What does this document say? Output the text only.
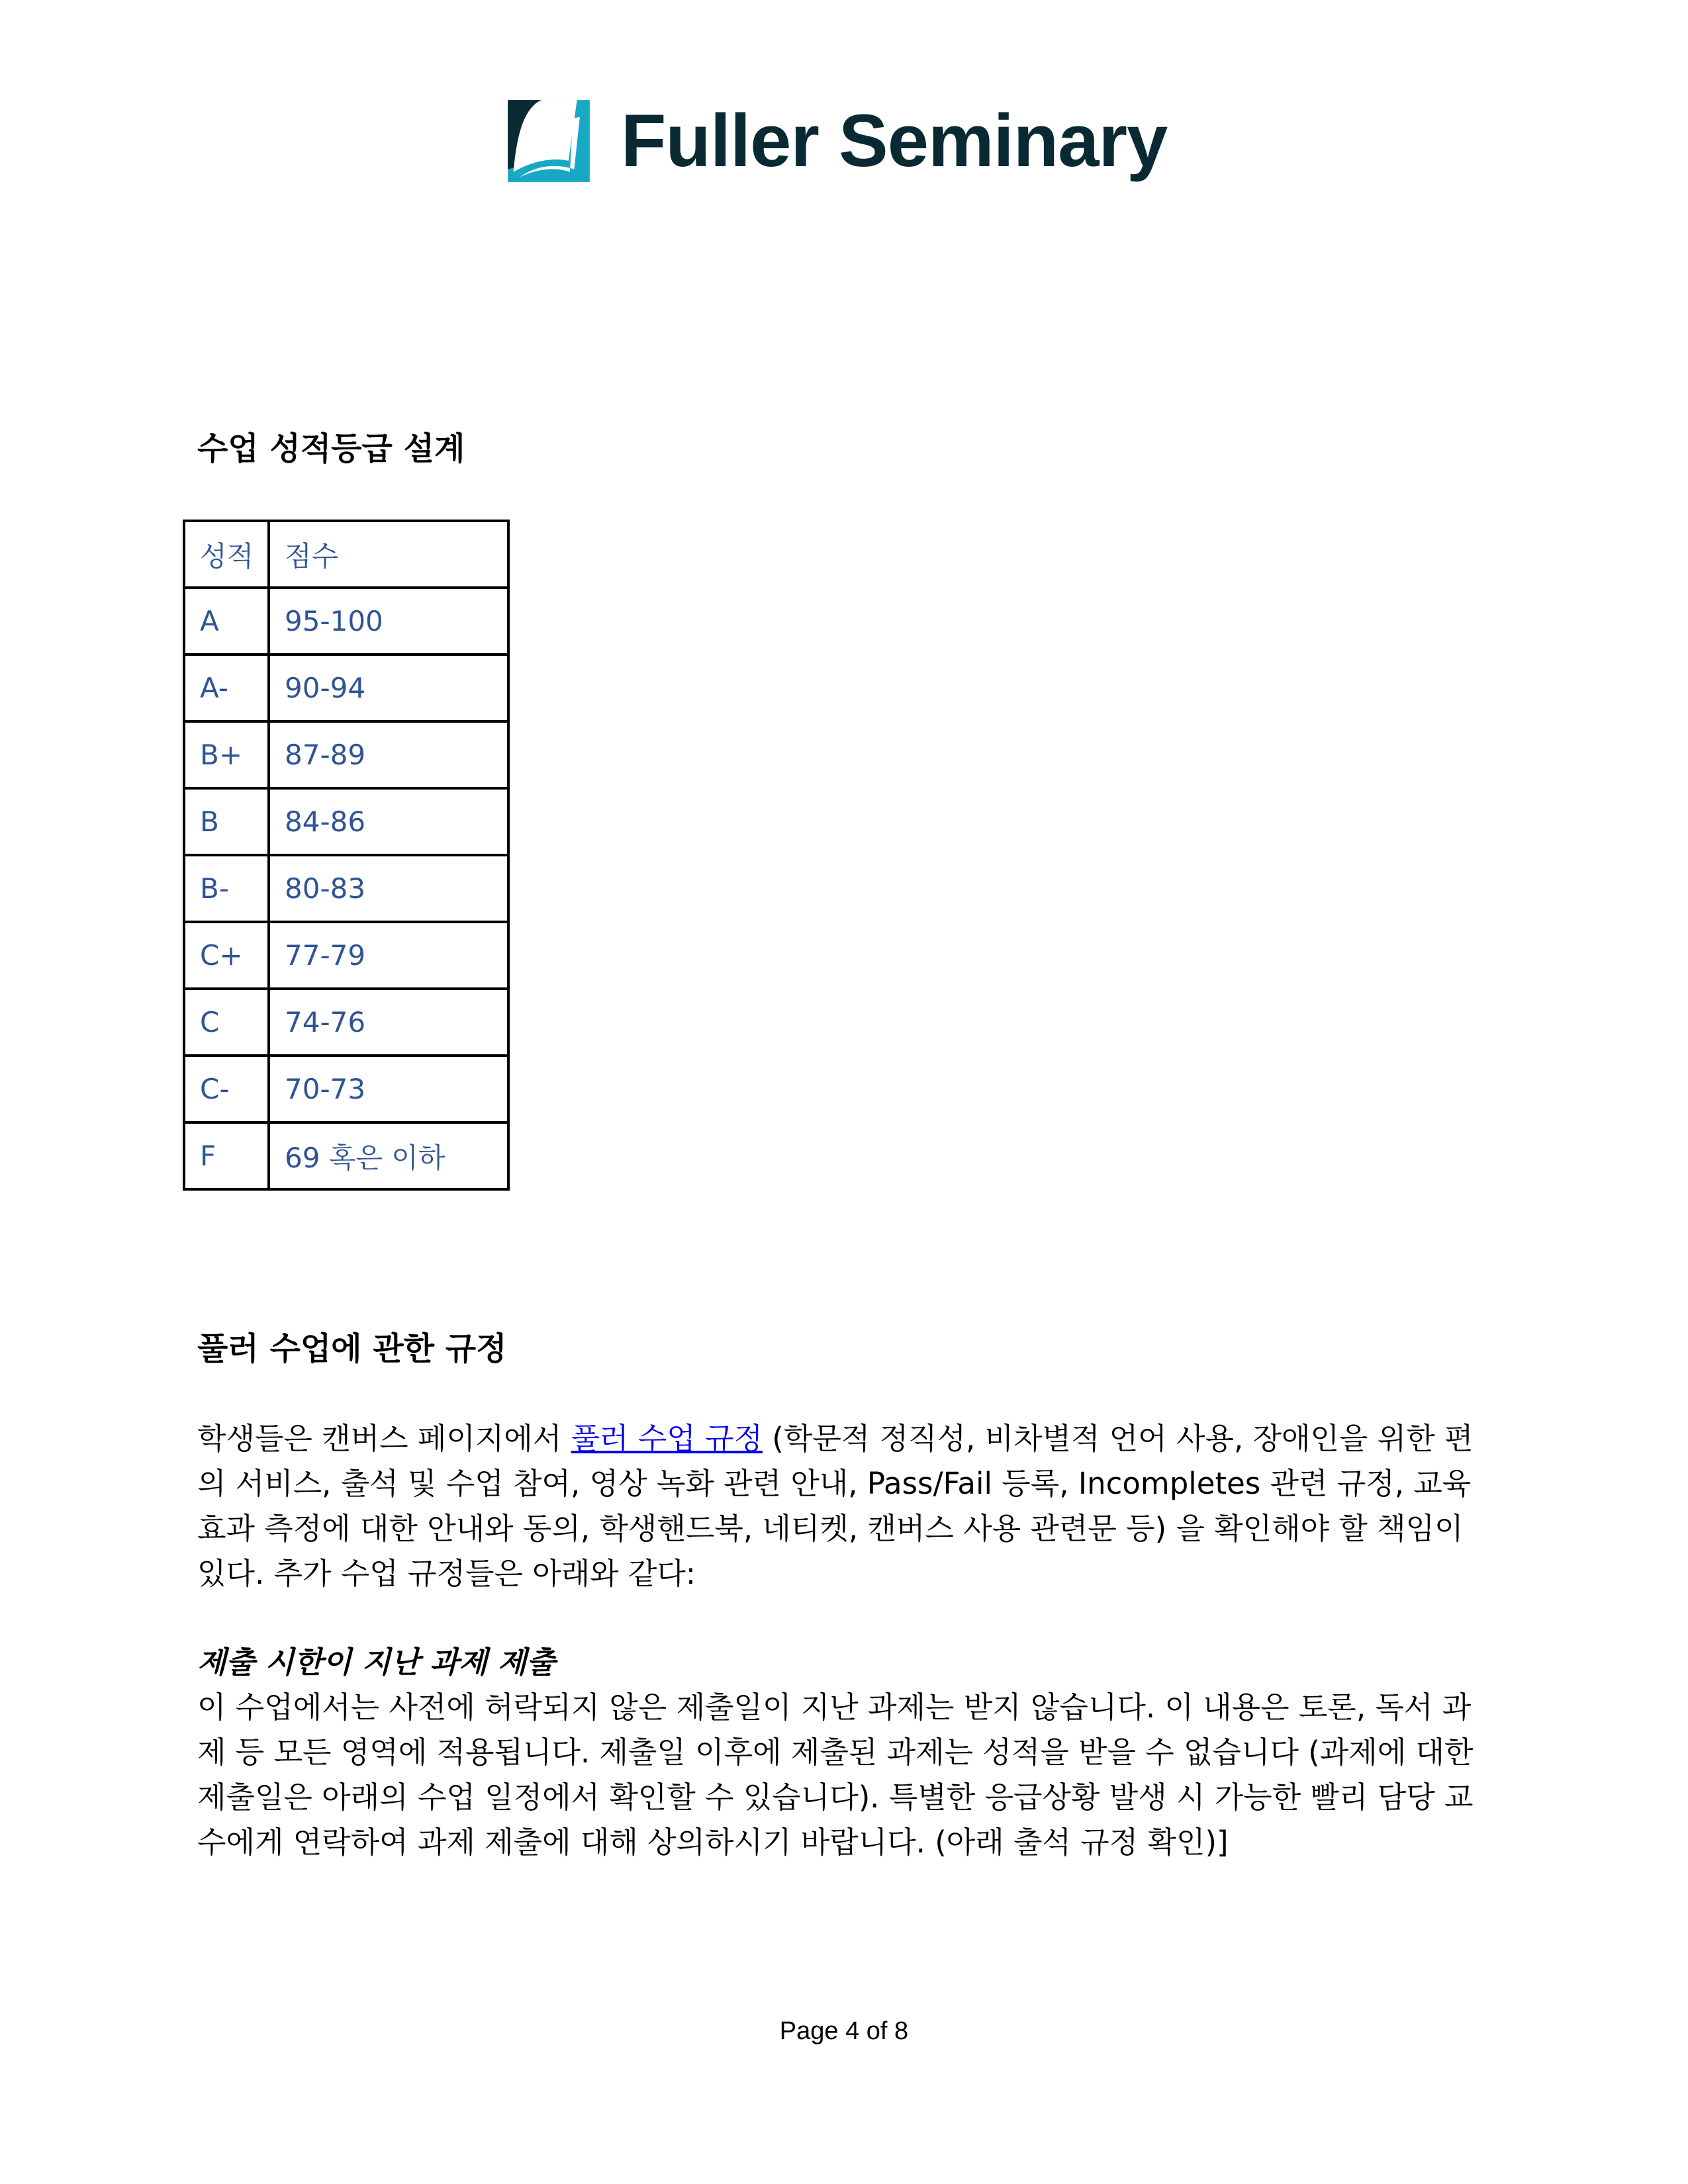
Fuller Seminary
수업 성적등급 설계
성적	점수
A	95-100
A-	90-94
B+	87-89
B	84-86
B-	80-83
C+	77-79
C	74-76
C-	70-73
F	69 혹은 이하
풀러 수업에 관한 규정

학생들은 캔버스 페이지에서 풀러 수업 규정 (학문적 정직성, 비차별적 언어 사용, 장애인을 위한 편의 서비스, 출석 및 수업 참여, 영상 녹화 관련 안내, Pass/Fail 등록, Incompletes 관련 규정, 교육효과 측정에 대한 안내와 동의, 학생핸드북, 네티켓, 캔버스 사용 관련문 등) 을 확인해야 할 책임이 있다. 추가 수업 규정들은 아래와 같다:

제출 시한이 지난 과제 제출

이 수업에서는 사전에 허락되지 않은 제출일이 지난 과제는 받지 않습니다. 이 내용은 토론, 독서 과제 등 모든 영역에 적용됩니다. 제출일 이후에 제출된 과제는 성적을 받을 수 없습니다 (과제에 대한 제출일은 아래의 수업 일정에서 확인할 수 있습니다). 특별한 응급상황 발생 시 가능한 빨리 담당 교수에게 연락하여 과제 제출에 대해 상의하시기 바랍니다. (아래 출석 규정 확인)]

Page 4 of 8
